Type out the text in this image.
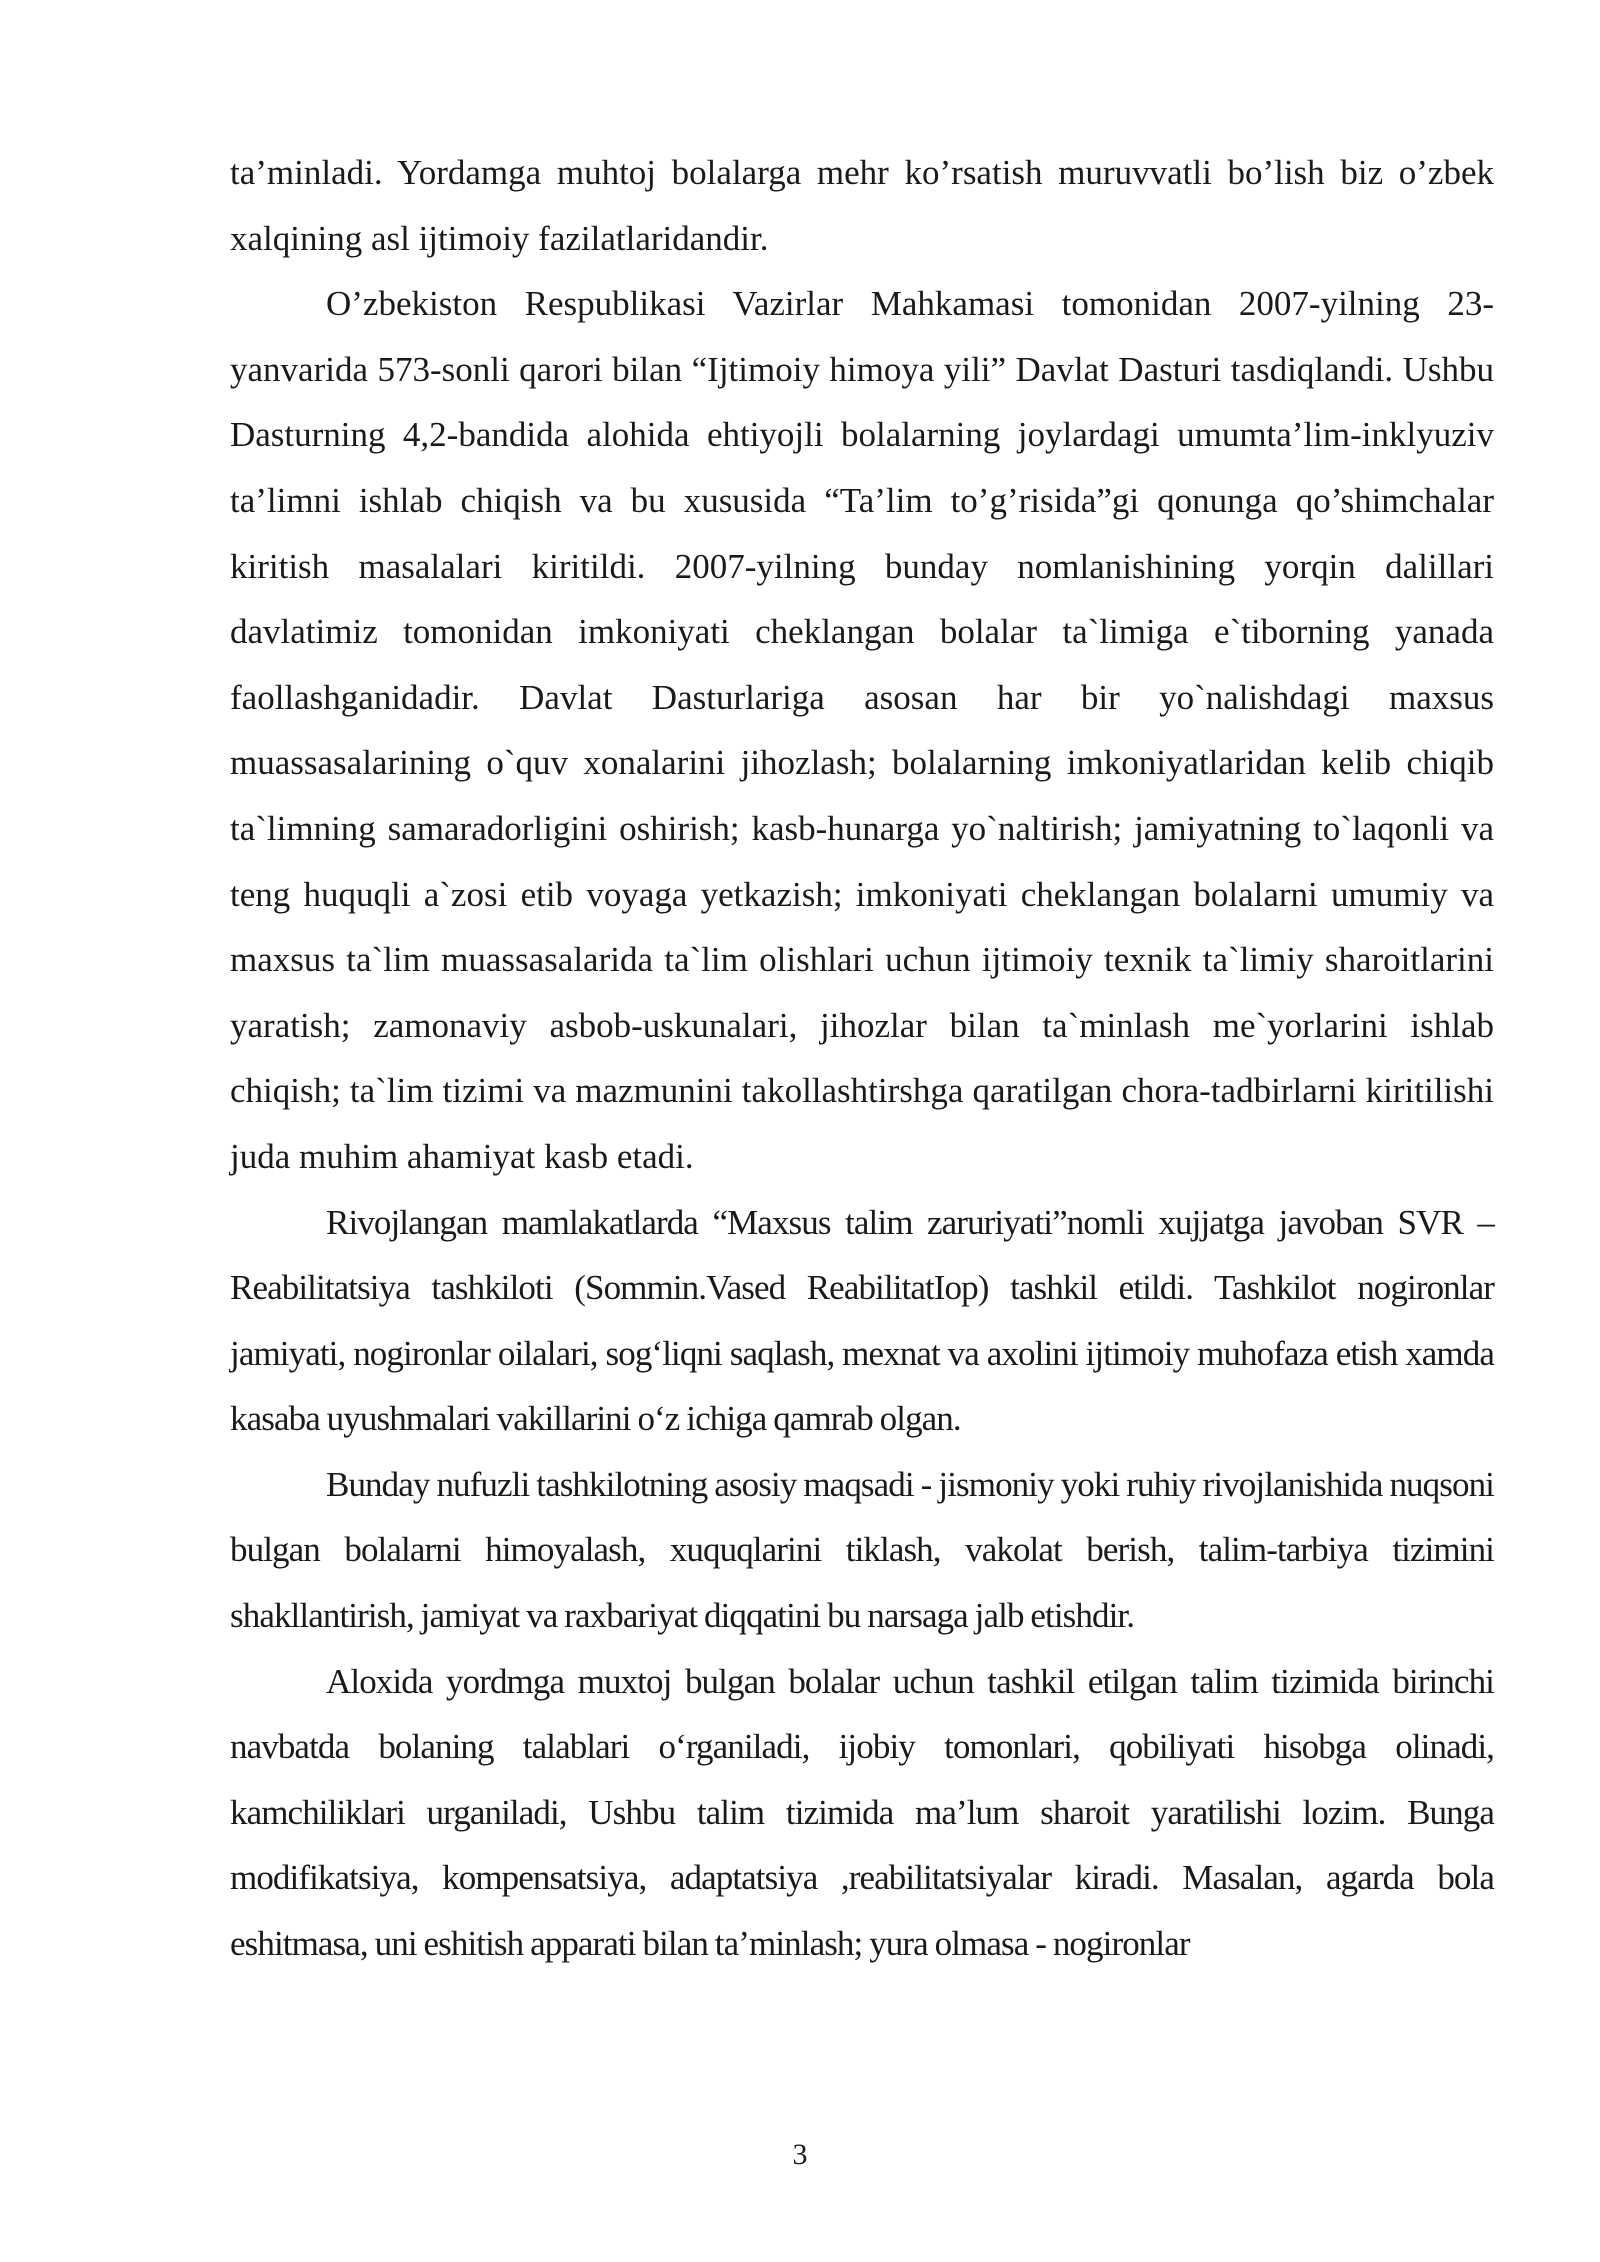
ta’minladi. Yordamga muhtoj bolalarga mehr ko’rsatish muruvvatli bo’lish biz o’zbek xalqining asl ijtimoiy fazilatlaridandir.

O’zbekiston Respublikasi Vazirlar Mahkamasi tomonidan 2007-yilning 23-yanvarida 573-sonli qarori bilan “Ijtimoiy himoya yili” Davlat Dasturi tasdiqlandi. Ushbu Dasturning 4,2-bandida alohida ehtiyojli bolalarning joylardagi umumta’lim-inklyuziv ta’limni ishlab chiqish va bu xususida “Ta’lim to’g’risida”gi qonunga qo’shimchalar kiritish masalalari kiritildi. 2007-yilning bunday nomlanishining yorqin dalillari davlatimiz tomonidan imkoniyati cheklangan bolalar ta`limiga e`tiborning yanada faollashganidadir. Davlat Dasturlariga asosan har bir yo`nalishdagi maxsus muassasalarining o`quv xonalarini jihozlash; bolalarning imkoniyatlaridan kelib chiqib ta`limning samaradorligini oshirish; kasb-hunarga yo`naltirish; jamiyatning to`laqonli va teng huquqli a`zosi etib voyaga yetkazish; imkoniyati cheklangan bolalarni umumiy va maxsus ta`lim muassasalarida ta`lim olishlari uchun ijtimoiy texnik ta`limiy sharoitlarini yaratish; zamonaviy asbob-uskunalari, jihozlar bilan ta`minlash me`yorlarini ishlab chiqish; ta`lim tizimi va mazmunini takollashtirshga qaratilgan chora-tadbirlarni kiritilishi juda muhim ahamiyat kasb etadi.

Rivojlangan mamlakatlarda “Maxsus talim zaruriyati”nomli xujjatga javoban SVR –Reabilitatsiya tashkiloti (Sommin.Vased ReabilitatIop) tashkil etildi. Tashkilot nogironlar jamiyati, nogironlar oilalari, sog‘liqni saqlash, mexnat va axolini ijtimoiy muhofaza etish xamda kasaba uyushmalari vakillarini o‘z ichiga qamrab olgan.

Bunday nufuzli tashkilotning asosiy maqsadi - jismoniy yoki ruhiy rivojlanishida nuqsoni bulgan bolalarni himoyalash, xuquqlarini tiklash, vakolat berish, talim-tarbiya tizimini shakllantirish, jamiyat va raxbariyat diqqatini bu narsaga jalb etishdir.

Aloxida yordmga muxtoj bulgan bolalar uchun tashkil etilgan talim tizimida birinchi navbatda bolaning talablari o‘rganiladi, ijobiy tomonlari, qobiliyati hisobga olinadi, kamchiliklari urganiladi, Ushbu talim tizimida ma’lum sharoit yaratilishi lozim. Bunga modifikatsiya, kompensatsiya, adaptatsiya ,reabilitatsiyalar kiradi. Masalan, agarda bola eshitmasa, uni eshitish apparati bilan ta’minlash; yura olmasa - nogironlar

3
